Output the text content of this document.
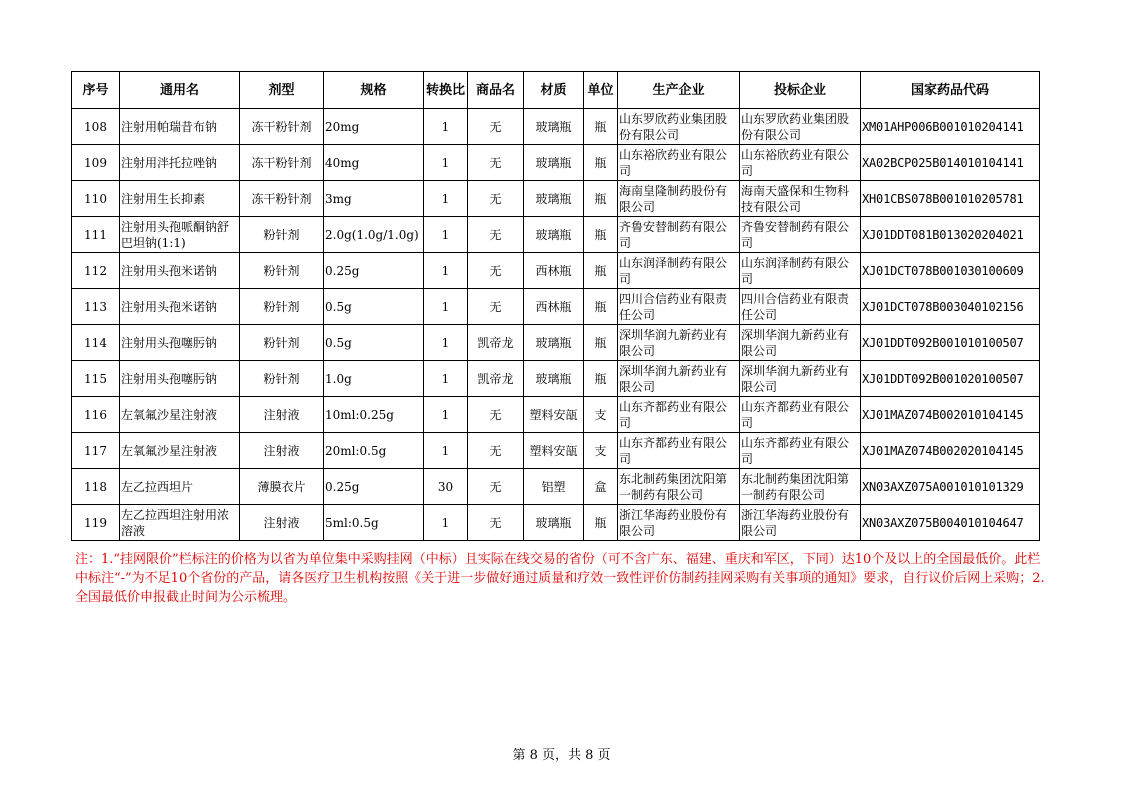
序号	通用名	剂型	规格	转换比	商品名	材质	单位	生产企业	投标企业	国家药品代码
108	注射用帕瑞昔布钠	冻干粉针剂	20mg	1	无	玻璃瓶	瓶	山东罗欣药业集团股份有限公司	山东罗欣药业集团股份有限公司	XM01AHP006B001010204141
109	注射用泮托拉唑钠	冻干粉针剂	40mg	1	无	玻璃瓶	瓶	山东裕欣药业有限公司	山东裕欣药业有限公司	XA02BCP025B014010104141
110	注射用生长抑素	冻干粉针剂	3mg	1	无	玻璃瓶	瓶	海南皇隆制药股份有限公司	海南天盛保和生物科技有限公司	XH01CBS078B001010205781
111	注射用头孢哌酮钠舒巴坦钠(1:1)	粉针剂	2.0g(1.0g/1.0g)	1	无	玻璃瓶	瓶	齐鲁安替制药有限公司	齐鲁安替制药有限公司	XJ01DDT081B013020204021
112	注射用头孢米诺钠	粉针剂	0.25g	1	无	西林瓶	瓶	山东润泽制药有限公司	山东润泽制药有限公司	XJ01DCT078B001030100609
113	注射用头孢米诺钠	粉针剂	0.5g	1	无	西林瓶	瓶	四川合信药业有限责任公司	四川合信药业有限责任公司	XJ01DCT078B003040102156
114	注射用头孢噻肟钠	粉针剂	0.5g	1	凯帝龙	玻璃瓶	瓶	深圳华润九新药业有限公司	深圳华润九新药业有限公司	XJ01DDT092B001010100507
115	注射用头孢噻肟钠	粉针剂	1.0g	1	凯帝龙	玻璃瓶	瓶	深圳华润九新药业有限公司	深圳华润九新药业有限公司	XJ01DDT092B001020100507
116	左氧氟沙星注射液	注射液	10ml:0.25g	1	无	塑料安瓿	支	山东齐都药业有限公司	山东齐都药业有限公司	XJ01MAZ074B002010104145
117	左氧氟沙星注射液	注射液	20ml:0.5g	1	无	塑料安瓿	支	山东齐都药业有限公司	山东齐都药业有限公司	XJ01MAZ074B002020104145
118	左乙拉西坦片	薄膜衣片	0.25g	30	无	铝塑	盒	东北制药集团沈阳第一制药有限公司	东北制药集团沈阳第一制药有限公司	XN03AXZ075A001010101329
119	左乙拉西坦注射用浓溶液	注射液	5ml:0.5g	1	无	玻璃瓶	瓶	浙江华海药业股份有限公司	浙江华海药业股份有限公司	XN03AXZ075B004010104647
注：1.“挂网限价”栏标注的价格为以省为单位集中采购挂网（中标）且实际在线交易的省份（可不含广东、福建、重庆和军区，下同）达10个及以上的全国最低价。此栏中标注“-”为不足10个省份的产品，请各医疗卫生机构按照《关于进一步做好通过质量和疗效一致性评价仿制药挂网采购有关事项的通知》要求，自行议价后网上采购；2.全国最低价申报截止时间为公示梳理。
第 8 页，共 8 页
